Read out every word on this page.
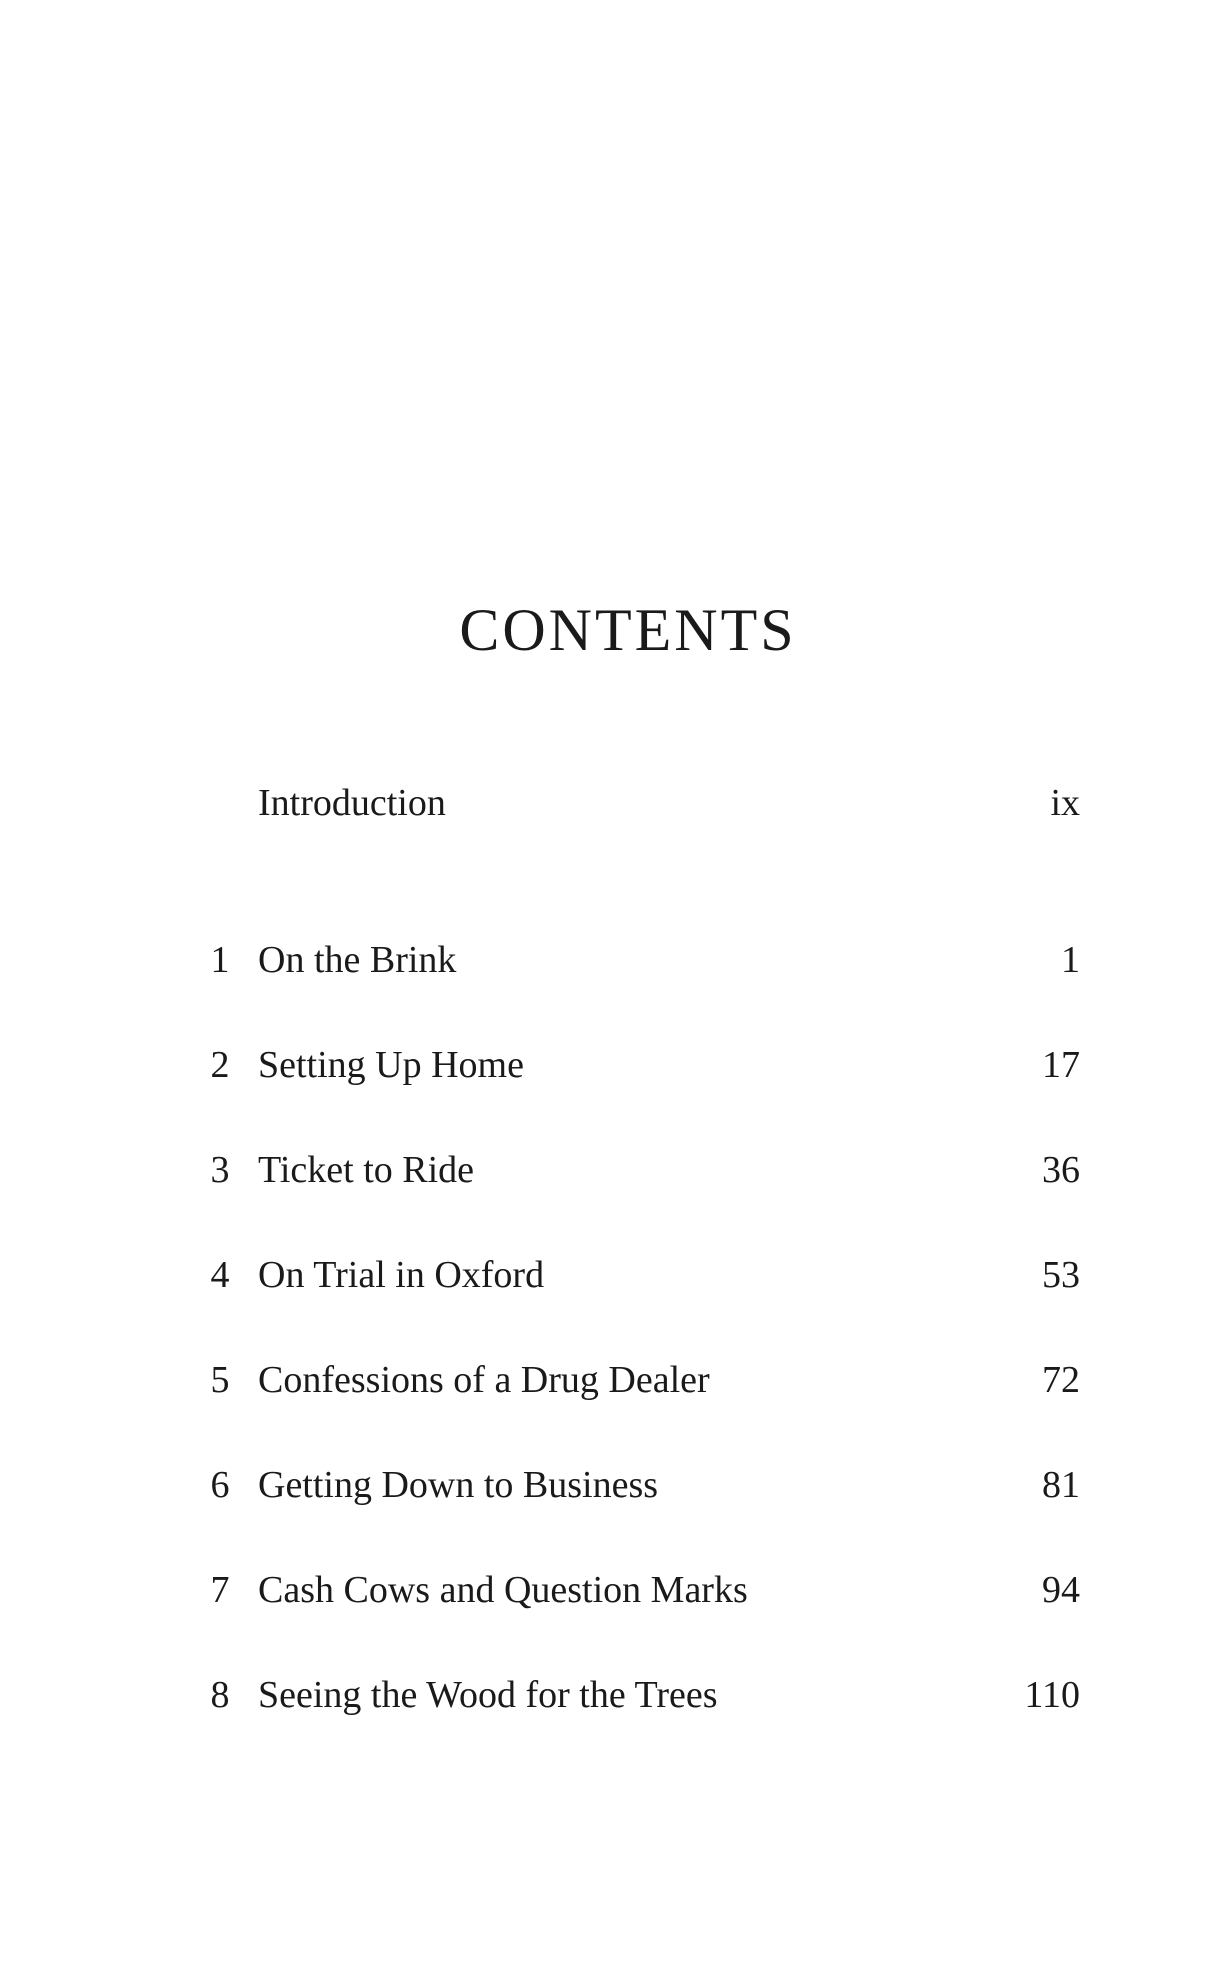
CONTENTS
Introduction	ix
1 On the Brink	1
2 Setting Up Home	17
3 Ticket to Ride	36
4 On Trial in Oxford	53
5 Confessions of a Drug Dealer	72
6 Getting Down to Business	81
7 Cash Cows and Question Marks	94
8 Seeing the Wood for the Trees	110
